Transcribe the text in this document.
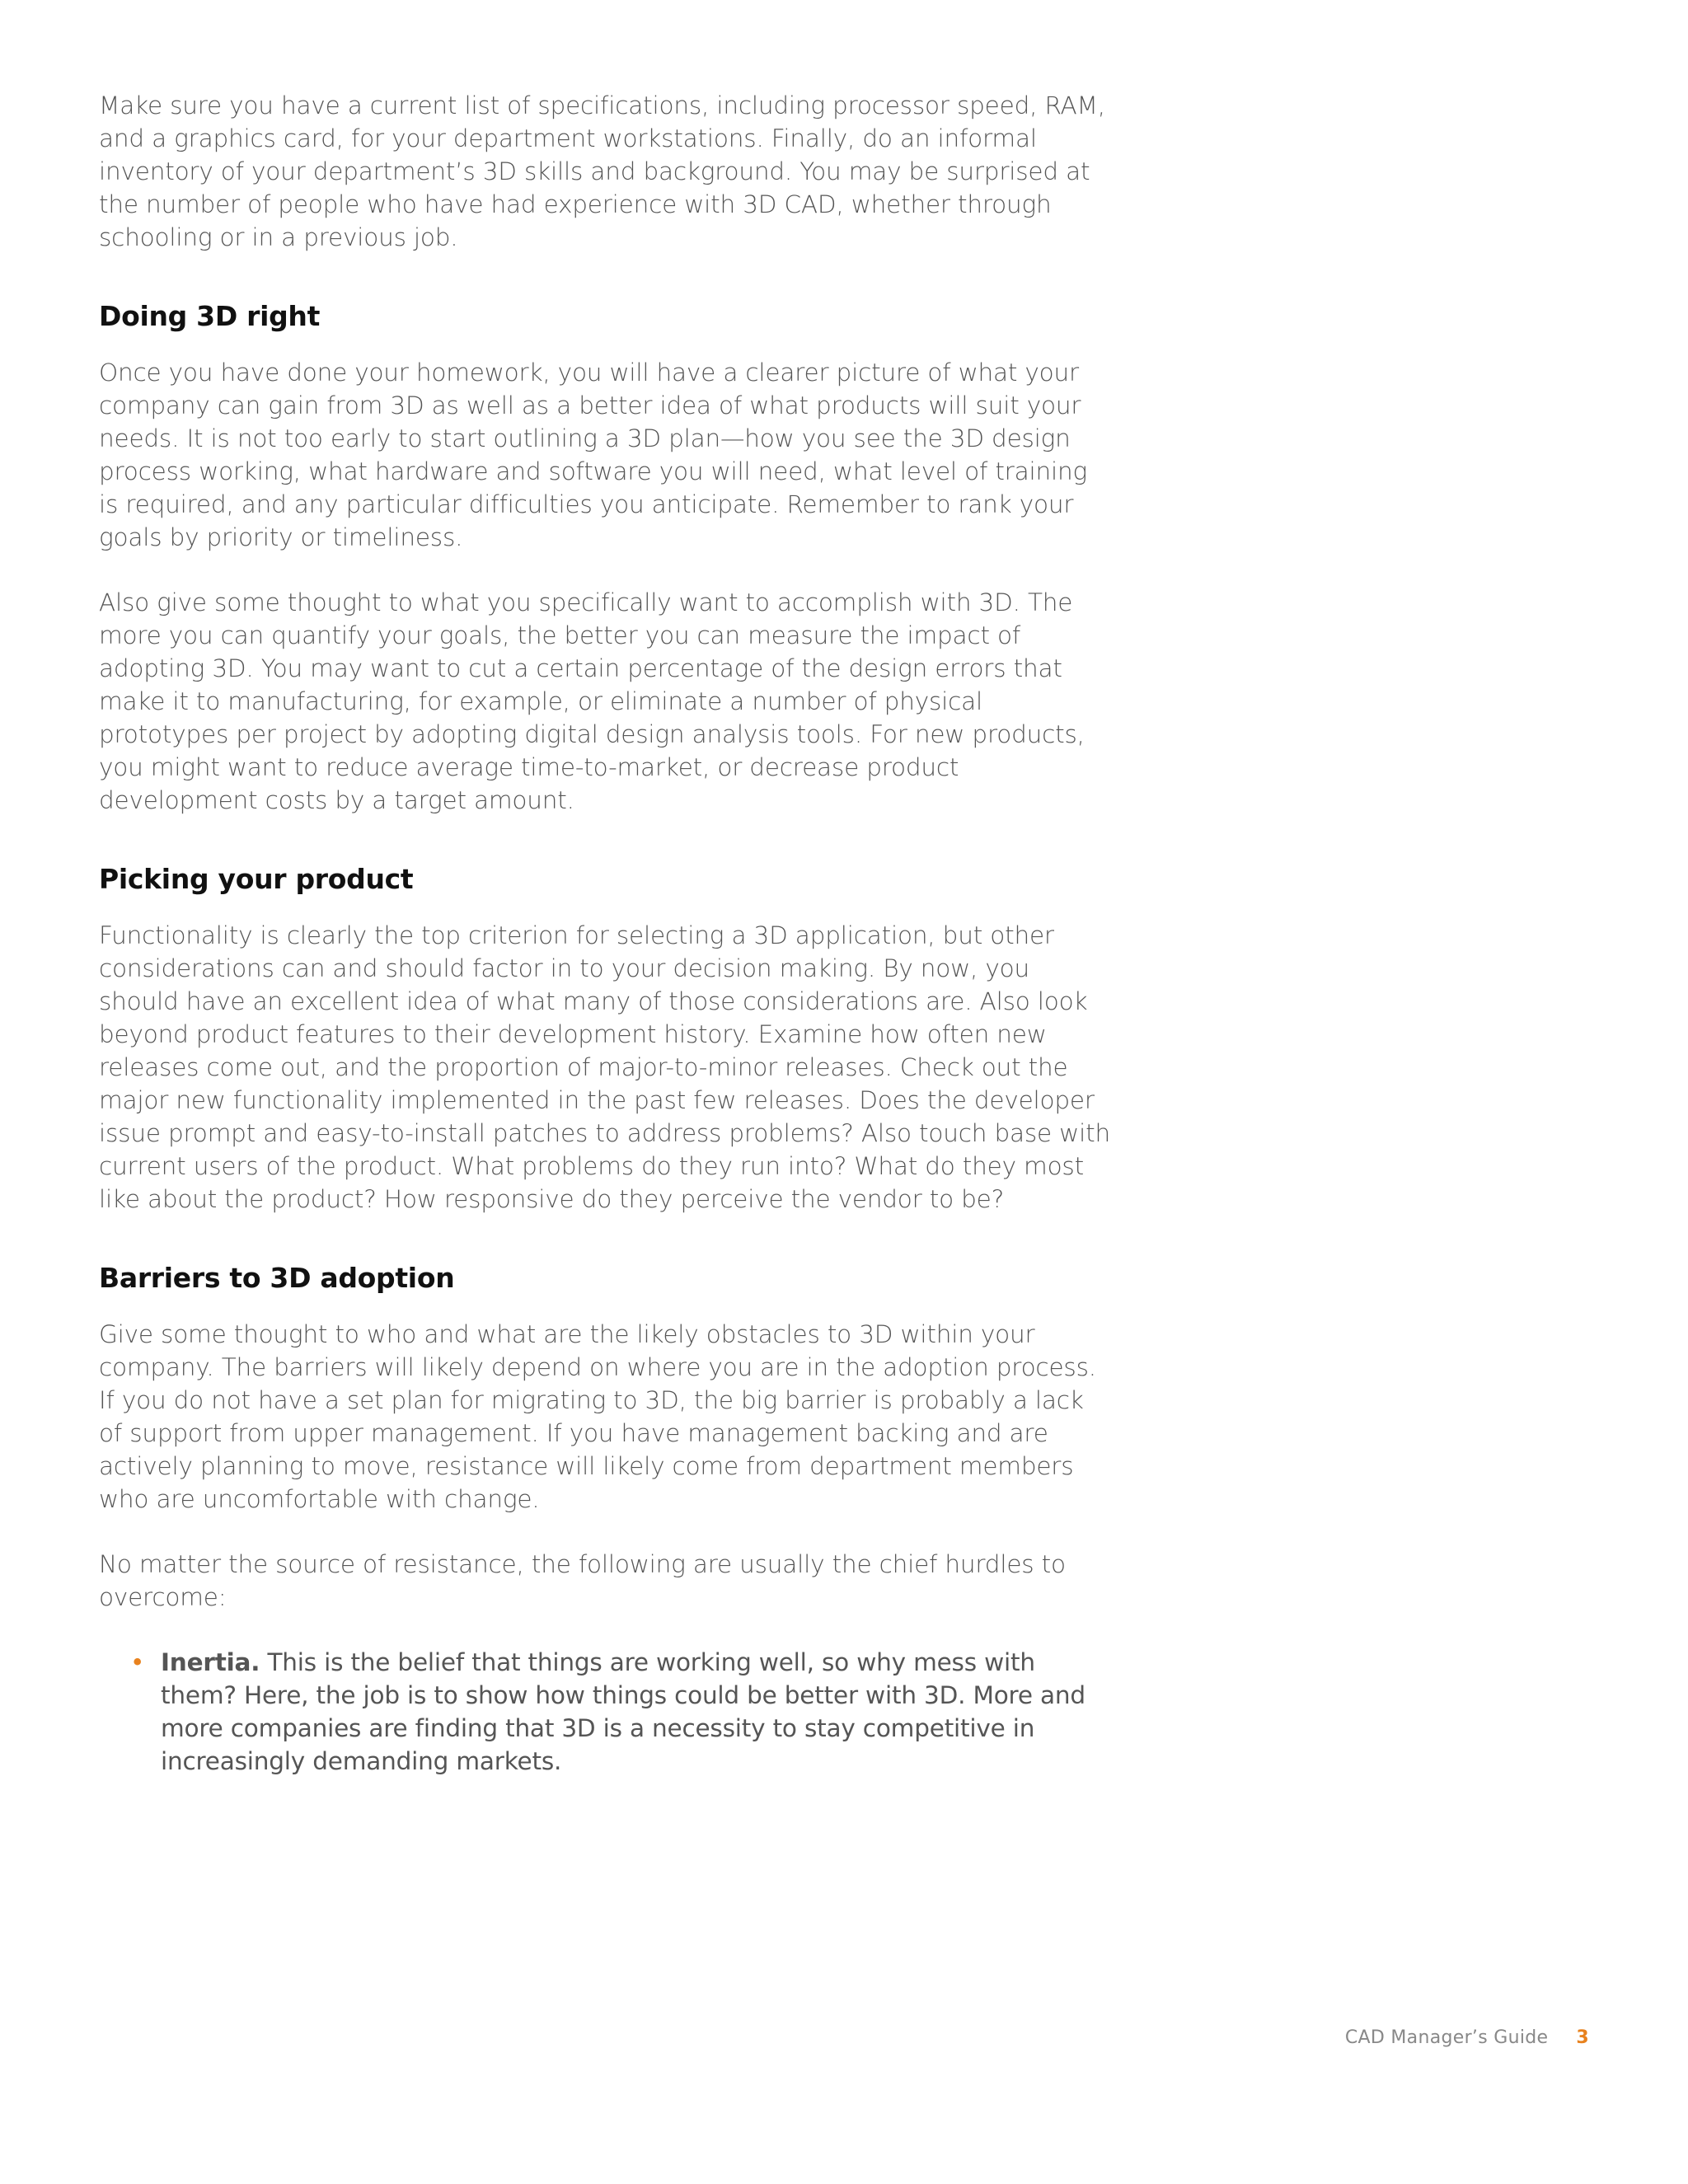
Make sure you have a current list of specifications, including processor speed, RAM, and a graphics card, for your department workstations. Finally, do an informal inventory of your department’s 3D skills and background. You may be surprised at the number of people who have had experience with 3D CAD, whether through schooling or in a previous job.

Doing 3D right

Once you have done your homework, you will have a clearer picture of what your company can gain from 3D as well as a better idea of what products will suit your needs. It is not too early to start outlining a 3D plan—how you see the 3D design process working, what hardware and software you will need, what level of training is required, and any particular difficulties you anticipate. Remember to rank your goals by priority or timeliness.

Also give some thought to what you specifically want to accomplish with 3D. The more you can quantify your goals, the better you can measure the impact of adopting 3D. You may want to cut a certain percentage of the design errors that make it to manufacturing, for example, or eliminate a number of physical prototypes per project by adopting digital design analysis tools. For new products, you might want to reduce average time-to-market, or decrease product development costs by a target amount.

Picking your product

Functionality is clearly the top criterion for selecting a 3D application, but other considerations can and should factor in to your decision making. By now, you should have an excellent idea of what many of those considerations are. Also look beyond product features to their development history. Examine how often new releases come out, and the proportion of major-to-minor releases. Check out the major new functionality implemented in the past few releases. Does the developer issue prompt and easy-to-install patches to address problems? Also touch base with current users of the product. What problems do they run into? What do they most like about the product? How responsive do they perceive the vendor to be?

Barriers to 3D adoption

Give some thought to who and what are the likely obstacles to 3D within your company. The barriers will likely depend on where you are in the adoption process. If you do not have a set plan for migrating to 3D, the big barrier is probably a lack of support from upper management. If you have management backing and are actively planning to move, resistance will likely come from department members who are uncomfortable with change.

No matter the source of resistance, the following are usually the chief hurdles to overcome:

• Inertia. This is the belief that things are working well, so why mess with them? Here, the job is to show how things could be better with 3D. More and more companies are finding that 3D is a necessity to stay competitive in increasingly demanding markets.
CAD Manager’s Guide 3
